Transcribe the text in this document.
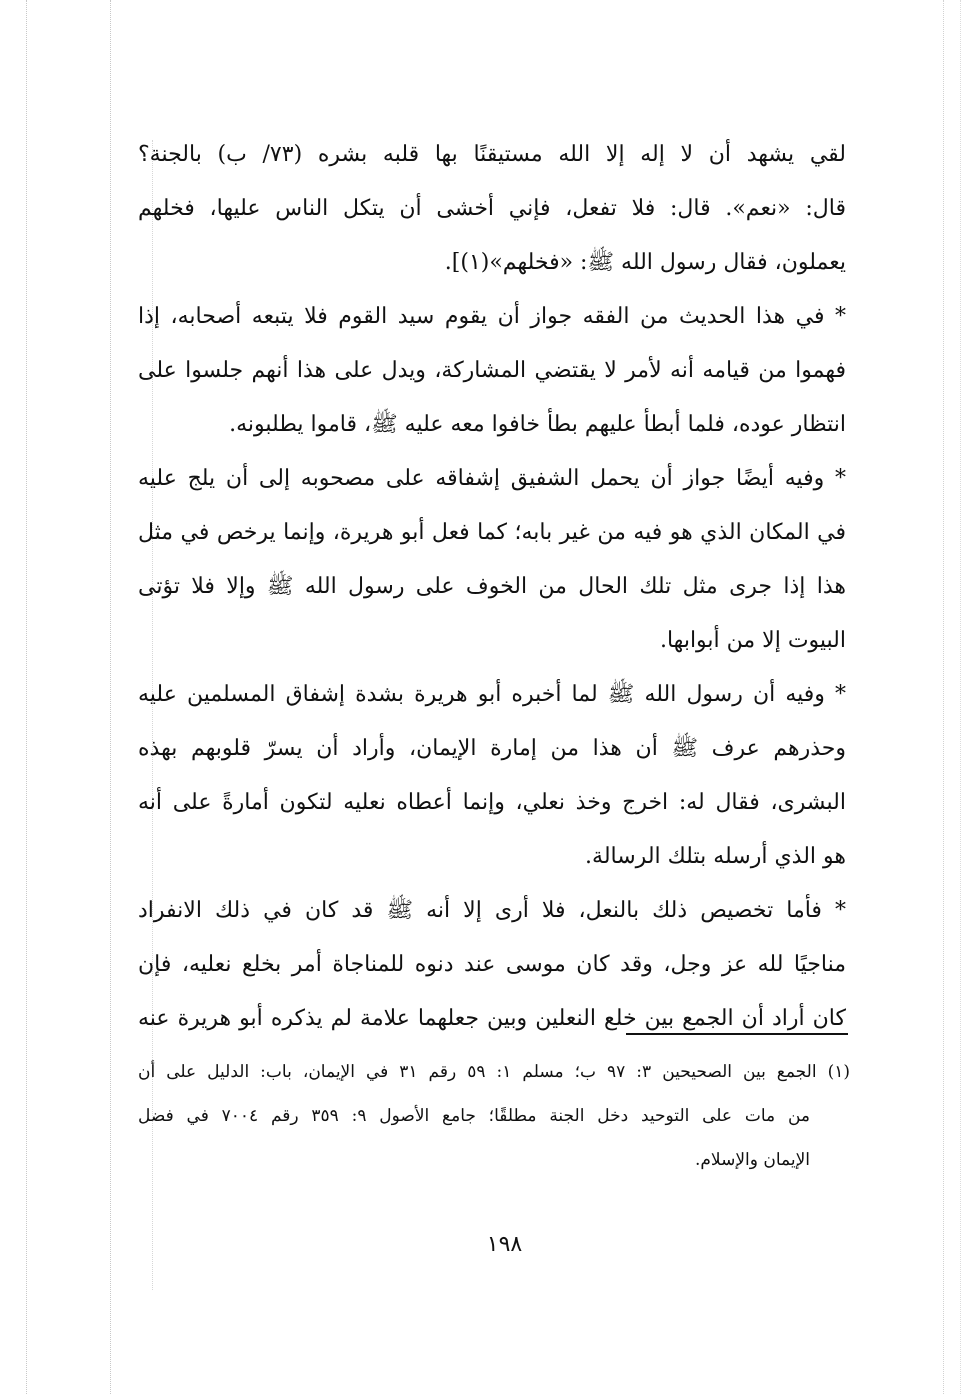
لقي يشهد أن لا إله إلا الله مستيقنًا بها قلبه بشره (٧٣/ ب) بالجنة؟
قال: «نعم». قال: فلا تفعل، فإني أخشى أن يتكل الناس عليها، فخلهم
يعملون، فقال رسول الله ﷺ: «فخلهم»(١)].
* في هذا الحديث من الفقه جواز أن يقوم سيد القوم فلا يتبعه أصحابه، إذا
فهموا من قيامه أنه لأمر لا يقتضي المشاركة، ويدل على هذا أنهم جلسوا على
انتظار عوده، فلما أبطأ عليهم بطأ خافوا معه عليه ﷺ، قاموا يطلبونه.
* وفيه أيضًا جواز أن يحمل الشفيق إشفاقه على مصحوبه إلى أن يلج عليه
في المكان الذي هو فيه من غير بابه؛ كما فعل أبو هريرة، وإنما يرخص في مثل
هذا إذا جرى مثل تلك الحال من الخوف على رسول الله ﷺ وإلا فلا تؤتى
البيوت إلا من أبوابها.
* وفيه أن رسول الله ﷺ لما أخبره أبو هريرة بشدة إشفاق المسلمين عليه
وحذرهم عرف ﷺ أن هذا من إمارة الإيمان، وأراد أن يسرّ قلوبهم بهذه
البشرى، فقال له: اخرج وخذ نعلي، وإنما أعطاه نعليه لتكون أمارةً على أنه
هو الذي أرسله بتلك الرسالة.
* فأما تخصيص ذلك بالنعل، فلا أرى إلا أنه ﷺ قد كان في ذلك الانفراد
مناجيًا لله عز وجل، وقد كان موسى عند دنوه للمناجاة أمر بخلع نعليه، فإن
كان أراد أن الجمع بين خلع النعلين وبين جعلهما علامة لم يذكره أبو هريرة عنه
(١) الجمع بين الصحيحين ٣: ٩٧ ب؛ مسلم ١: ٥٩ رقم ٣١ في الإيمان، باب: الدليل على أن
من مات على التوحيد دخل الجنة مطلقًا؛ جامع الأصول ٩: ٣٥٩ رقم ٧٠٠٤ في فضل
الإيمان والإسلام.
١٩٨
